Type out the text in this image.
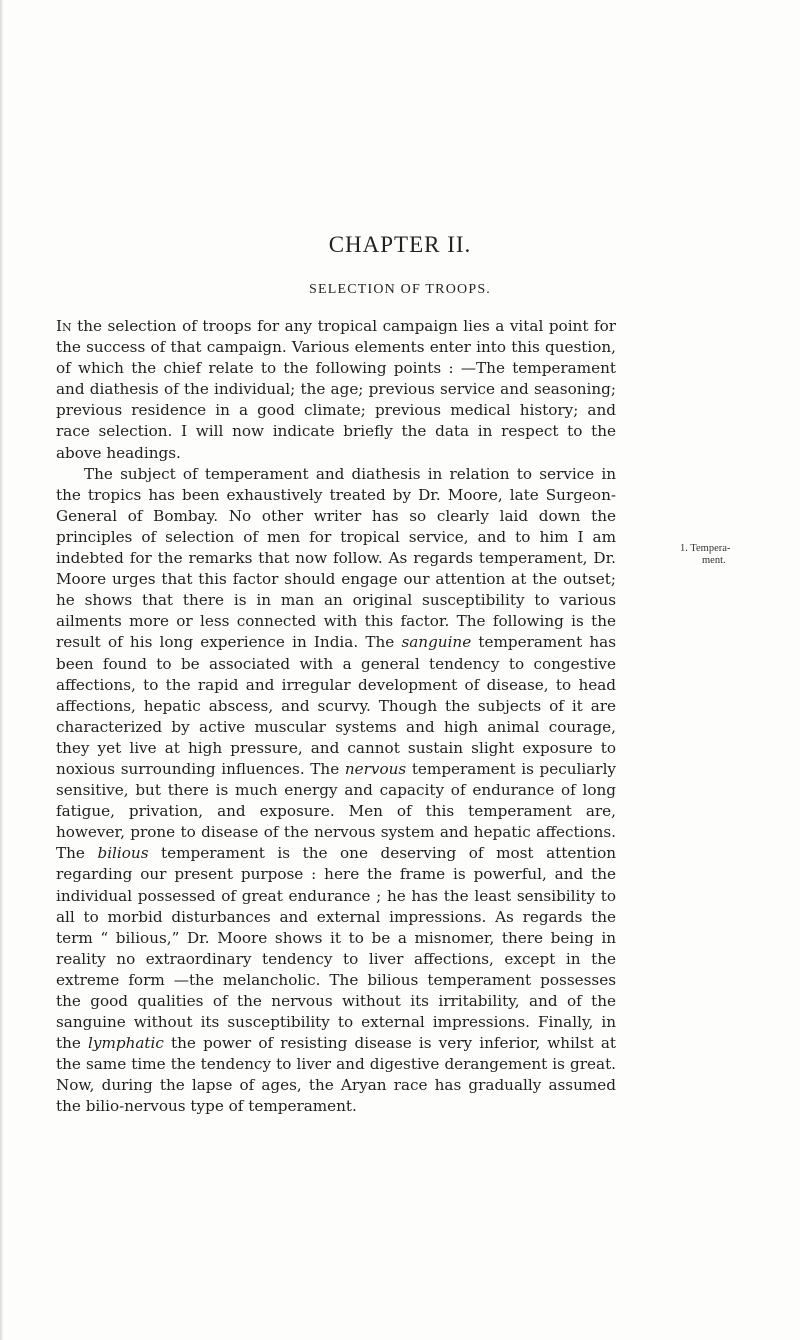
CHAPTER II.
SELECTION OF TROOPS.

In the selection of troops for any tropical campaign lies a vital point for the success of that campaign. Various elements enter into this question, of which the chief relate to the following points : —The temperament and diathesis of the individual; the age; previous service and seasoning; previous residence in a good climate; previous medical history; and race selection. I will now indicate briefly the data in respect to the above headings.

The subject of temperament and diathesis in relation to service in the tropics has been exhaustively treated by Dr. Moore, late Surgeon-General of Bombay. No other writer has so clearly laid down the principles of selection of men for tropical service, and to him I am indebted for the remarks that now follow. As regards temperament, Dr. Moore urges that this factor should engage our attention at the outset; he shows that there is in man an original susceptibility to various ailments more or less connected with this factor. The following is the result of his long experience in India. The sanguine temperament has been found to be associated with a general tendency to congestive affections, to the rapid and irregular development of disease, to head affections, hepatic abscess, and scurvy. Though the subjects of it are characterized by active muscular systems and high animal courage, they yet live at high pressure, and cannot sustain slight exposure to noxious surrounding influences. The nervous temperament is peculiarly sensitive, but there is much energy and capacity of endurance of long fatigue, privation, and exposure. Men of this temperament are, however, prone to disease of the nervous system and hepatic affections. The bilious temperament is the one deserving of most attention regarding our present purpose : here the frame is powerful, and the individual possessed of great endurance ; he has the least sensibility to all to morbid disturbances and external impressions. As regards the term “ bilious,” Dr. Moore shows it to be a misnomer, there being in reality no extraordinary tendency to liver affections, except in the extreme form —the melancholic. The bilious temperament possesses the good qualities of the nervous without its irritability, and of the sanguine without its susceptibility to external impressions. Finally, in the lymphatic the power of resisting disease is very inferior, whilst at the same time the tendency to liver and digestive derangement is great. Now, during the lapse of ages, the Aryan race has gradually assumed the bilio-nervous type of temperament.

1. Tempera-
ment.
